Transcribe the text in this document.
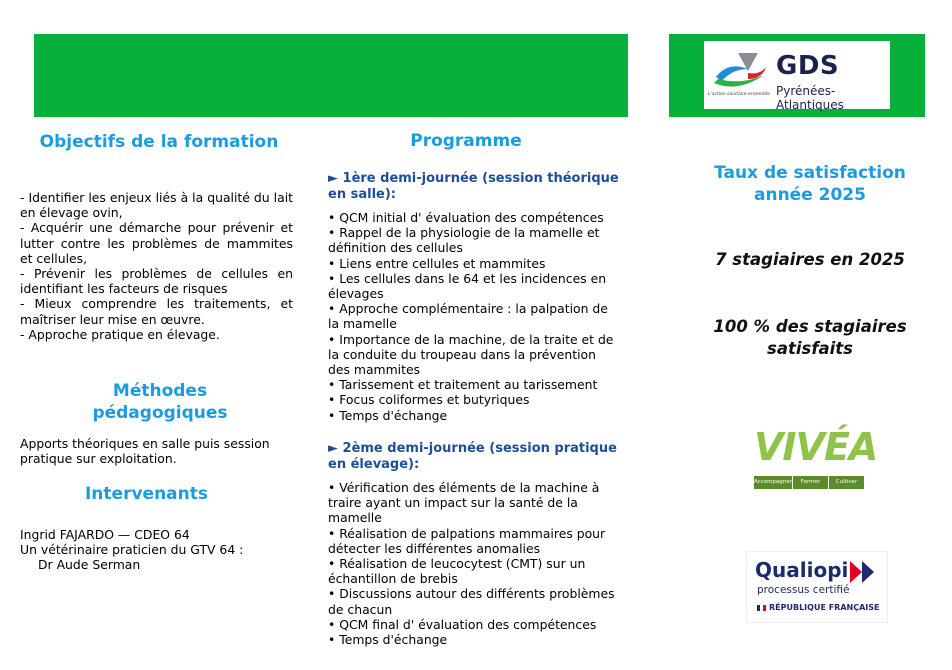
GDS
Pyrénées-Atlantiques
L'action sanitaire ensemble
Objectifs de la formation
- Identifier les enjeux liés à la qualité du lait en élevage ovin,
- Acquérir une démarche pour prévenir et lutter contre les problèmes de mammites et cellules,
- Prévenir les problèmes de cellules en identifiant les facteurs de risques
- Mieux comprendre les traitements, et maîtriser leur mise en œuvre.
- Approche pratique en élevage.
Méthodes pédagogiques
Apports théoriques en salle puis session pratique sur exploitation.
Intervenants
Ingrid FAJARDO — CDEO 64
Un vétérinaire praticien du GTV 64 :
Dr Aude Serman
Programme
► 1ère demi-journée (session théorique en salle):
• QCM initial d' évaluation des compétences
• Rappel de la physiologie de la mamelle et définition des cellules
• Liens entre cellules et mammites
• Les cellules dans le 64 et les incidences en élevages
• Approche complémentaire : la palpation de la mamelle
• Importance de la machine, de la traite et de la conduite du troupeau dans la prévention des mammites
• Tarissement et traitement au tarissement
• Focus coliformes et butyriques
• Temps d'échange
► 2ème demi-journée (session pratique en élevage):
• Vérification des éléments de la machine à traire ayant un impact sur la santé de la mamelle
• Réalisation de palpations mammaires pour détecter les différentes anomalies
• Réalisation de leucocytest (CMT) sur un échantillon de brebis
• Discussions autour des différents problèmes de chacun
• QCM final d' évaluation des compétences
• Temps d'échange
Taux de satisfaction année 2025
7 stagiaires en 2025
100 % des stagiaires satisfaits
VIVÉA
Accompagner	Former	Cultiver l'avenir
Qualiopi
processus certifié
RÉPUBLIQUE FRANÇAISE
